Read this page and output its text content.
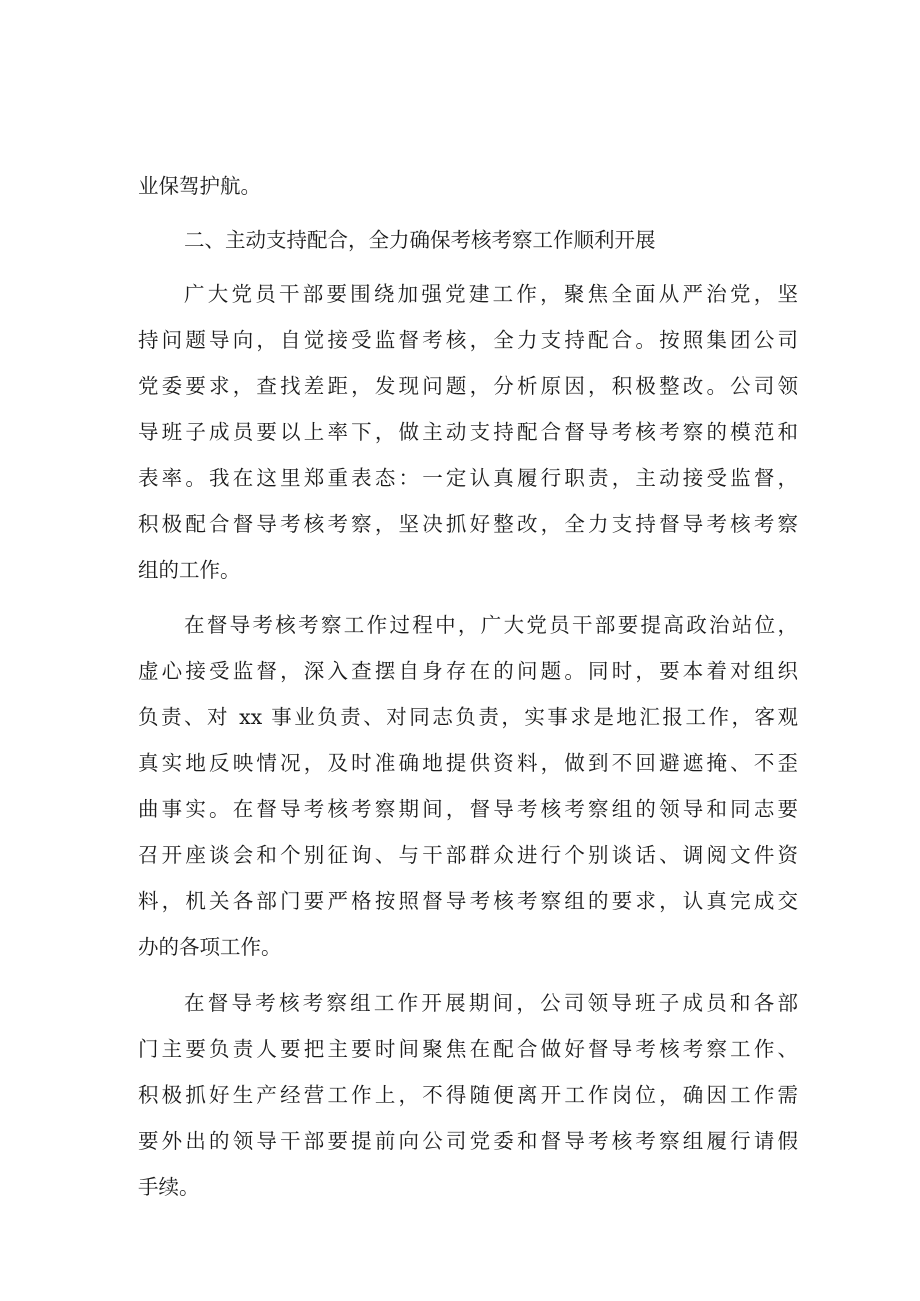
业保驾护航。
二、主动支持配合，全力确保考核考察工作顺利开展
广大党员干部要围绕加强党建工作，聚焦全面从严治党，坚
持问题导向，自觉接受监督考核，全力支持配合。按照集团公司
党委要求，查找差距，发现问题，分析原因，积极整改。公司领
导班子成员要以上率下，做主动支持配合督导考核考察的模范和
表率。我在这里郑重表态：一定认真履行职责，主动接受监督，
积极配合督导考核考察，坚决抓好整改，全力支持督导考核考察
组的工作。
在督导考核考察工作过程中，广大党员干部要提高政治站位，
虚心接受监督，深入查摆自身存在的问题。同时，要本着对组织
负责、对 xx 事业负责、对同志负责，实事求是地汇报工作，客观
真实地反映情况，及时准确地提供资料，做到不回避遮掩、不歪
曲事实。在督导考核考察期间，督导考核考察组的领导和同志要
召开座谈会和个别征询、与干部群众进行个别谈话、调阅文件资
料，机关各部门要严格按照督导考核考察组的要求，认真完成交
办的各项工作。
在督导考核考察组工作开展期间，公司领导班子成员和各部
门主要负责人要把主要时间聚焦在配合做好督导考核考察工作、
积极抓好生产经营工作上，不得随便离开工作岗位，确因工作需
要外出的领导干部要提前向公司党委和督导考核考察组履行请假
手续。
